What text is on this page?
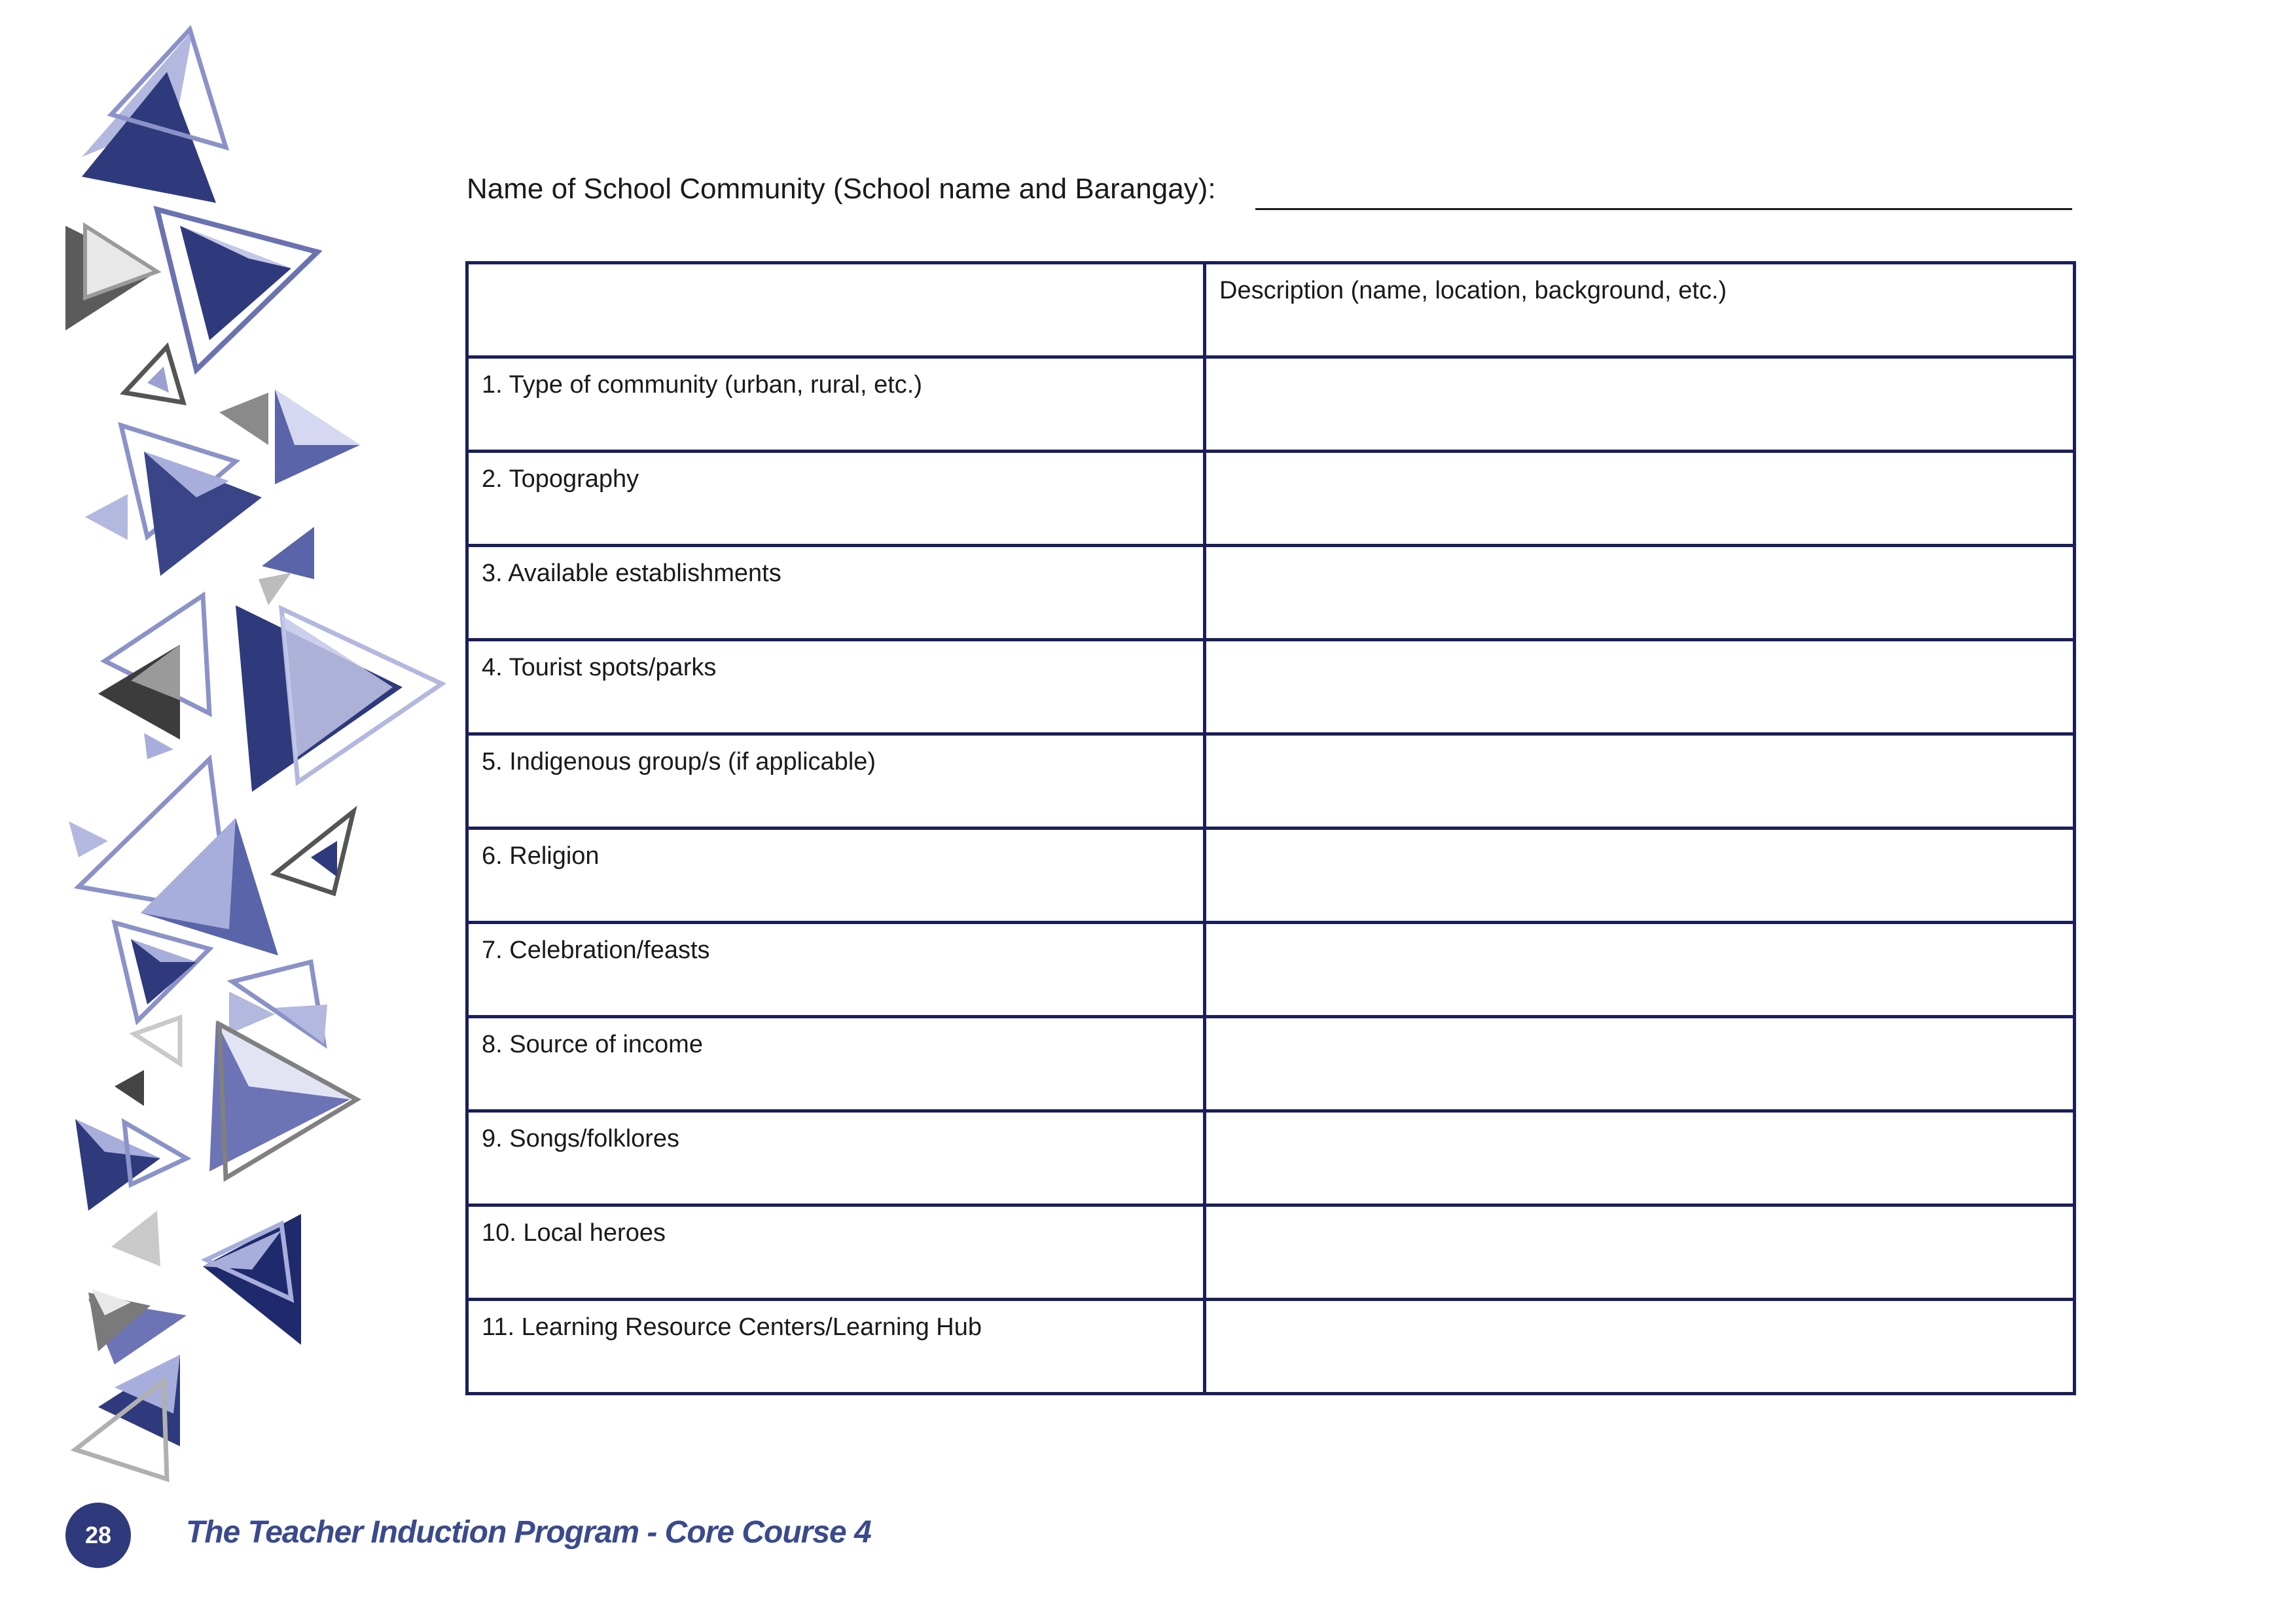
Name of School Community (School name and Barangay):
	Description (name, location, background, etc.)
1. Type of community (urban, rural, etc.)	
2. Topography	
3. Available establishments	
4. Tourist spots/parks	
5. Indigenous group/s (if applicable)	
6. Religion	
7. Celebration/feasts	
8. Source of income	
9. Songs/folklores	
10. Local heroes	
11. Learning Resource Centers/Learning Hub	
28	The Teacher Induction Program - Core Course 4
